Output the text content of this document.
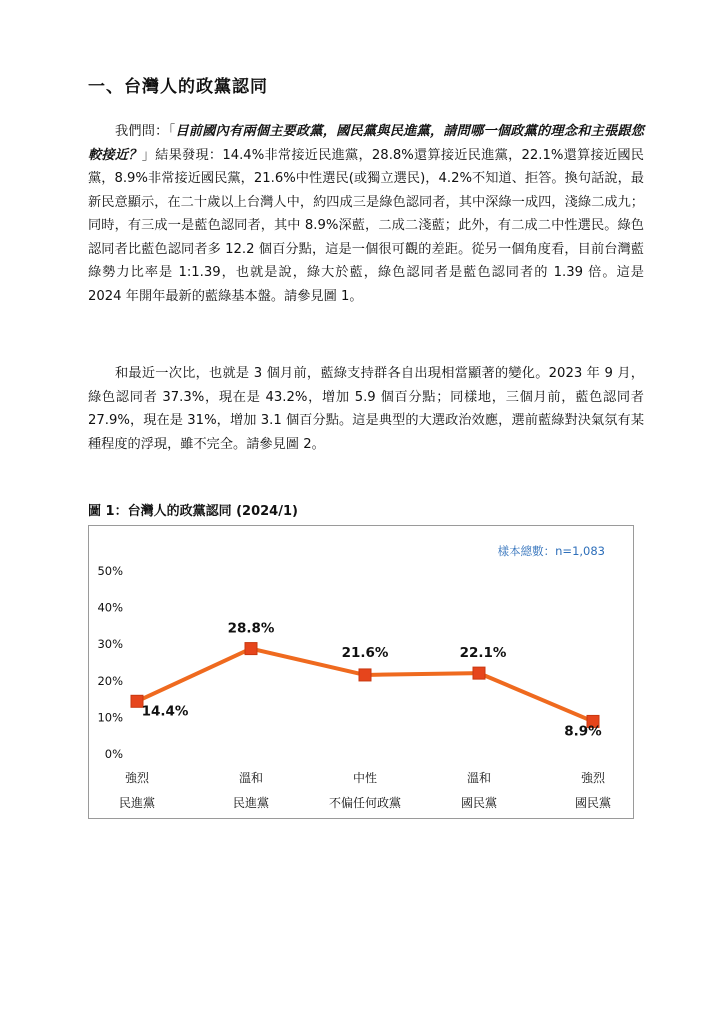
一、台灣人的政黨認同

我們問：「目前國內有兩個主要政黨，國民黨與民進黨，請問哪一個政黨的理念和主張跟您較接近？」結果發現：14.4%非常接近民進黨，28.8%還算接近民進黨，22.1%還算接近國民黨，8.9%非常接近國民黨，21.6%中性選民(或獨立選民)，4.2%不知道、拒答。換句話說，最新民意顯示，在二十歲以上台灣人中，約四成三是綠色認同者，其中深綠一成四，淺綠二成九；同時，有三成一是藍色認同者，其中 8.9%深藍，二成二淺藍；此外，有二成二中性選民。綠色認同者比藍色認同者多 12.2 個百分點，這是一個很可觀的差距。從另一個角度看，目前台灣藍綠勢力比率是 1:1.39，也就是說，綠大於藍，綠色認同者是藍色認同者的 1.39 倍。這是 2024 年開年最新的藍綠基本盤。請參見圖 1。

和最近一次比，也就是 3 個月前，藍綠支持群各自出現相當顯著的變化。2023 年 9 月，綠色認同者 37.3%，現在是 43.2%，增加 5.9 個百分點；同樣地，三個月前，藍色認同者 27.9%，現在是 31%，增加 3.1 個百分點。這是典型的大選政治效應，選前藍綠對決氣氛有某種程度的浮現，雖不完全。請參見圖 2。

圖 1：台灣人的政黨認同 (2024/1)
樣本總數：n=1,083
0%
10%
20%
30%
40%
50%
14.4%
28.8%
21.6%	22.1%
8.9%
強烈
民進黨
溫和
民進黨
中性
不偏任何政黨
溫和
國民黨
強烈
國民黨
